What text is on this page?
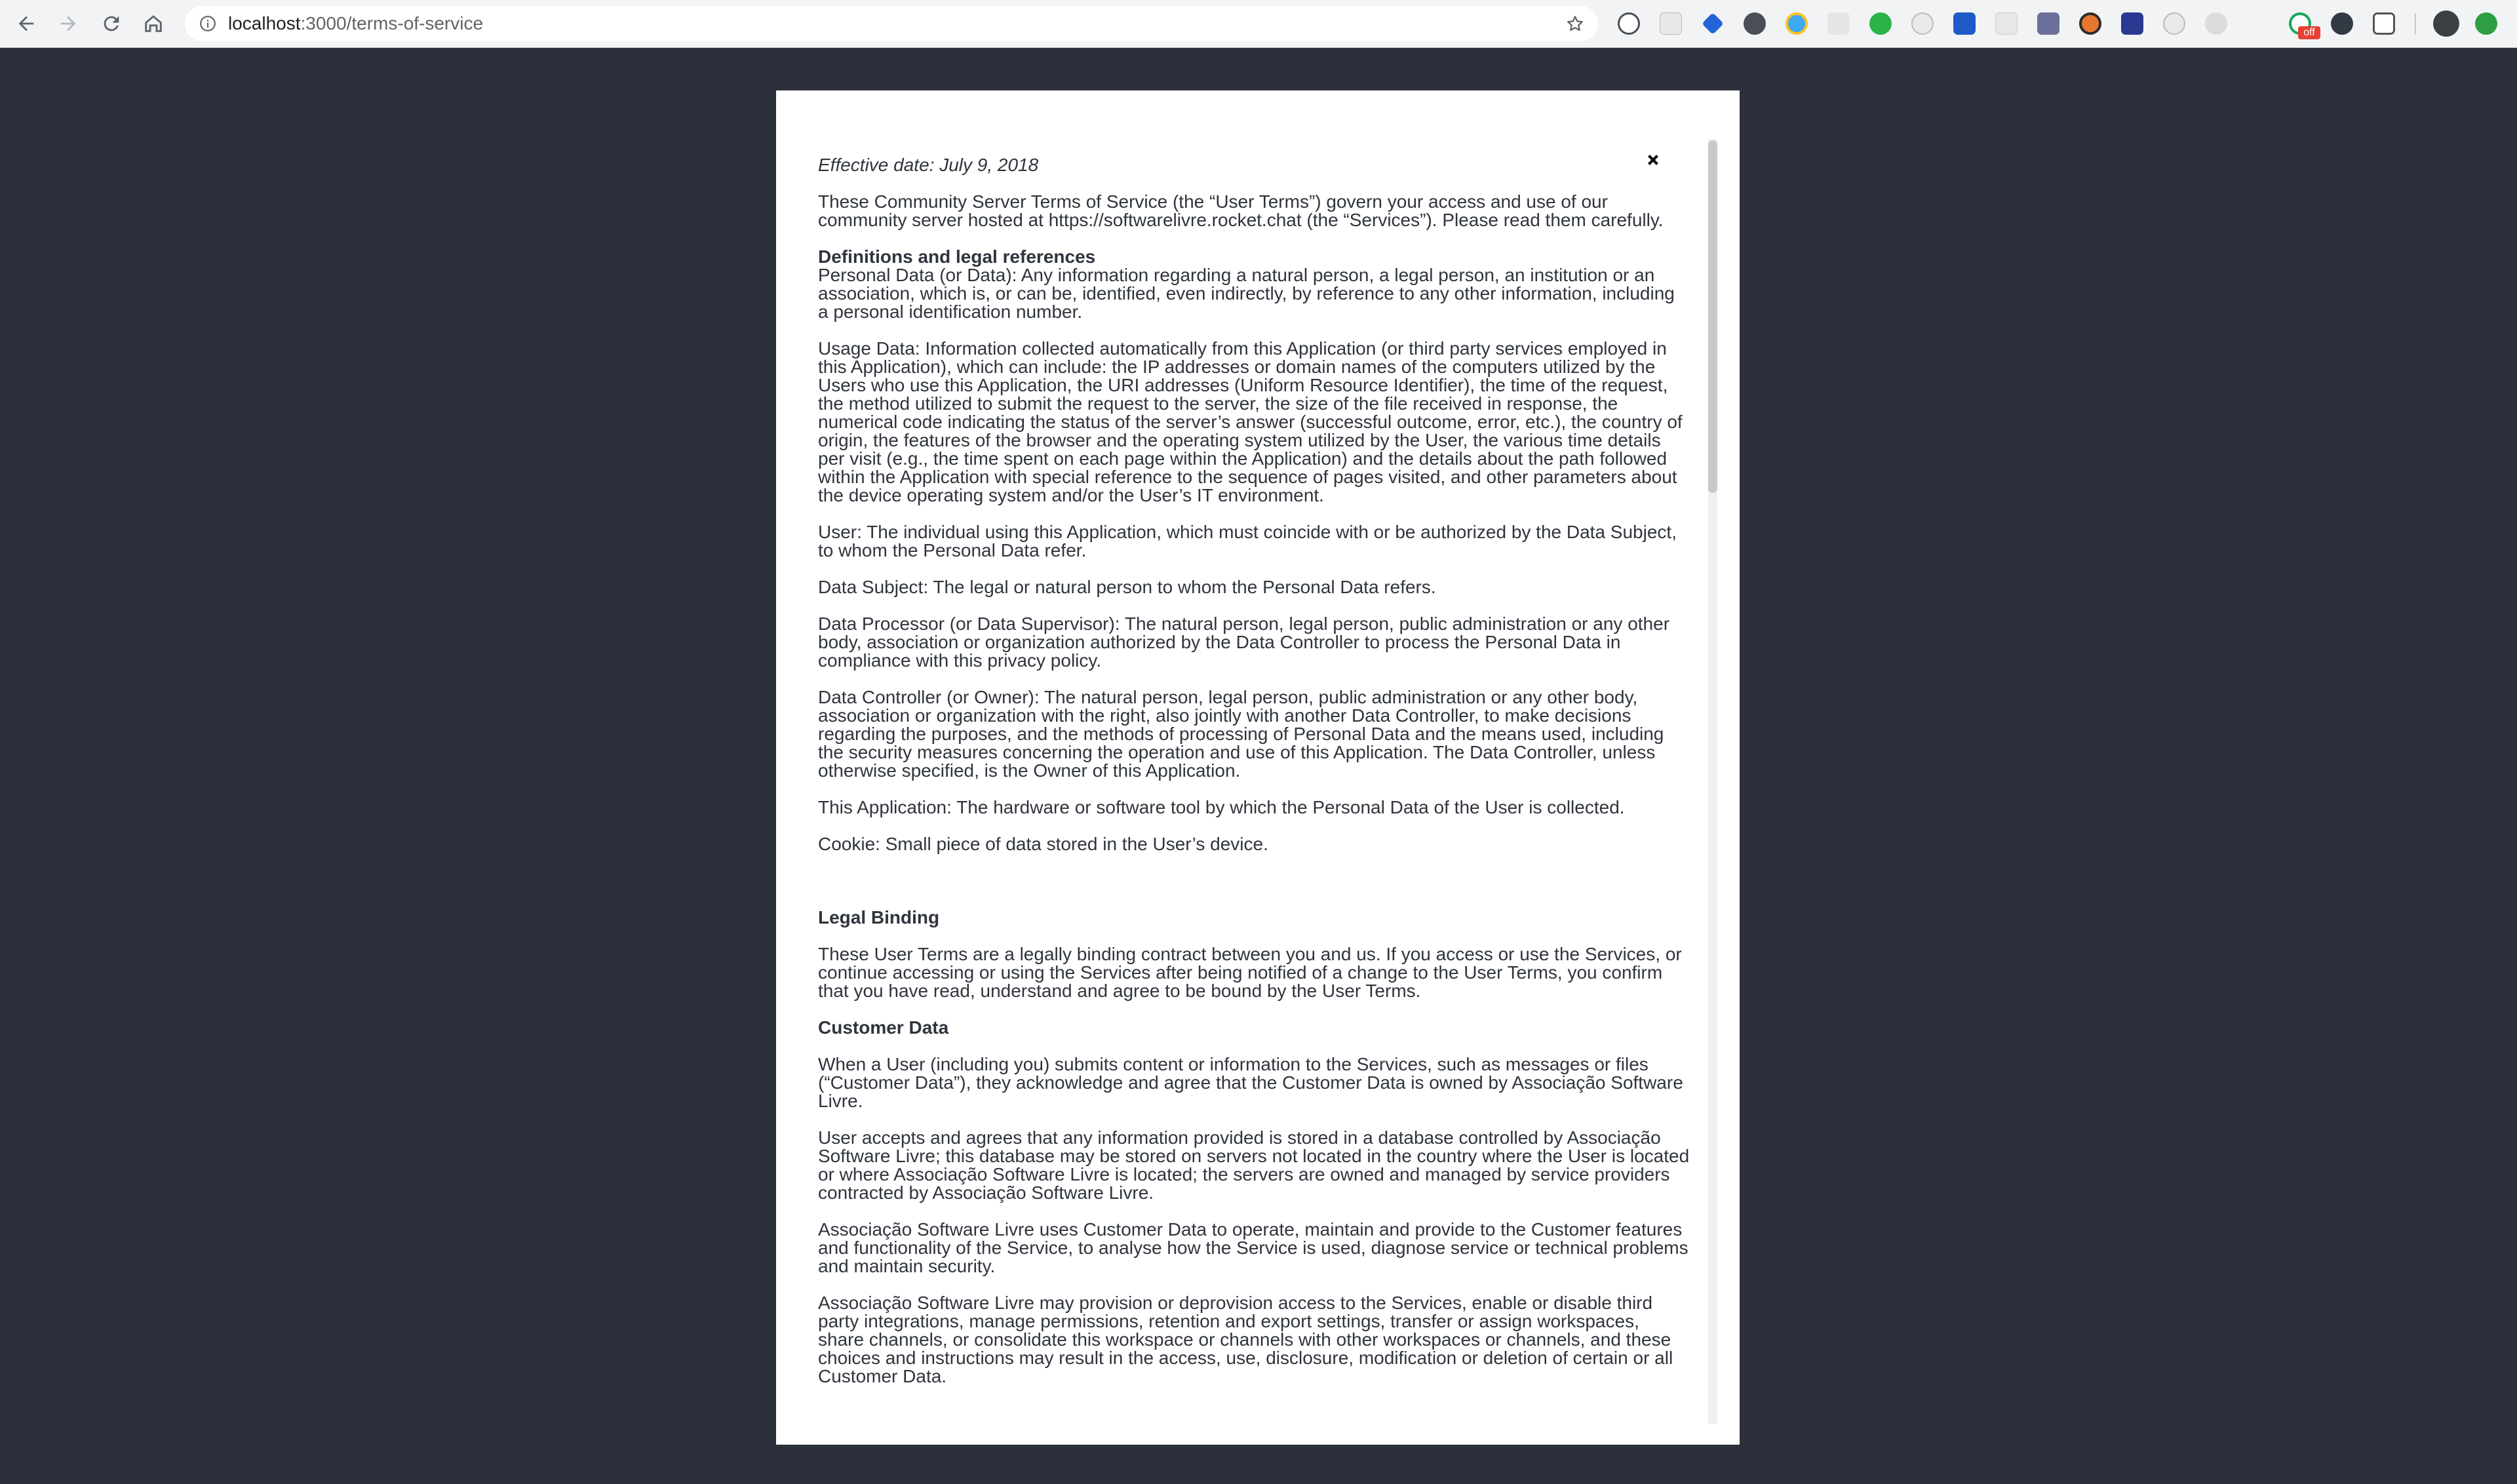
localhost:3000/terms-of-service	off

Effective date: July 9, 2018

These Community Server Terms of Service (the “User Terms”) govern your access and use of our community server hosted at https://softwarelivre.rocket.chat (the “Services”). Please read them carefully.

Definitions and legal references

Personal Data (or Data): Any information regarding a natural person, a legal person, an institution or an association, which is, or can be, identified, even indirectly, by reference to any other information, including a personal identification number.

Usage Data: Information collected automatically from this Application (or third party services employed in this Application), which can include: the IP addresses or domain names of the computers utilized by the Users who use this Application, the URI addresses (Uniform Resource Identifier), the time of the request, the method utilized to submit the request to the server, the size of the file received in response, the numerical code indicating the status of the server’s answer (successful outcome, error, etc.), the country of origin, the features of the browser and the operating system utilized by the User, the various time details per visit (e.g., the time spent on each page within the Application) and the details about the path followed within the Application with special reference to the sequence of pages visited, and other parameters about the device operating system and/or the User’s IT environment.

User: The individual using this Application, which must coincide with or be authorized by the Data Subject, to whom the Personal Data refer.

Data Subject: The legal or natural person to whom the Personal Data refers.

Data Processor (or Data Supervisor): The natural person, legal person, public administration or any other body, association or organization authorized by the Data Controller to process the Personal Data in compliance with this privacy policy.

Data Controller (or Owner): The natural person, legal person, public administration or any other body, association or organization with the right, also jointly with another Data Controller, to make decisions regarding the purposes, and the methods of processing of Personal Data and the means used, including the security measures concerning the operation and use of this Application. The Data Controller, unless otherwise specified, is the Owner of this Application.

This Application: The hardware or software tool by which the Personal Data of the User is collected.

Cookie: Small piece of data stored in the User’s device.

Legal Binding

These User Terms are a legally binding contract between you and us. If you access or use the Services, or continue accessing or using the Services after being notified of a change to the User Terms, you confirm that you have read, understand and agree to be bound by the User Terms.

Customer Data

When a User (including you) submits content or information to the Services, such as messages or files (“Customer Data”), they acknowledge and agree that the Customer Data is owned by Associação Software Livre.

User accepts and agrees that any information provided is stored in a database controlled by Associação Software Livre; this database may be stored on servers not located in the country where the User is located or where Associação Software Livre is located; the servers are owned and managed by service providers contracted by Associação Software Livre.

Associação Software Livre uses Customer Data to operate, maintain and provide to the Customer features and functionality of the Service, to analyse how the Service is used, diagnose service or technical problems and maintain security.

Associação Software Livre may provision or deprovision access to the Services, enable or disable third party integrations, manage permissions, retention and export settings, transfer or assign workspaces, share channels, or consolidate this workspace or channels with other workspaces or channels, and these choices and instructions may result in the access, use, disclosure, modification or deletion of certain or all Customer Data.
